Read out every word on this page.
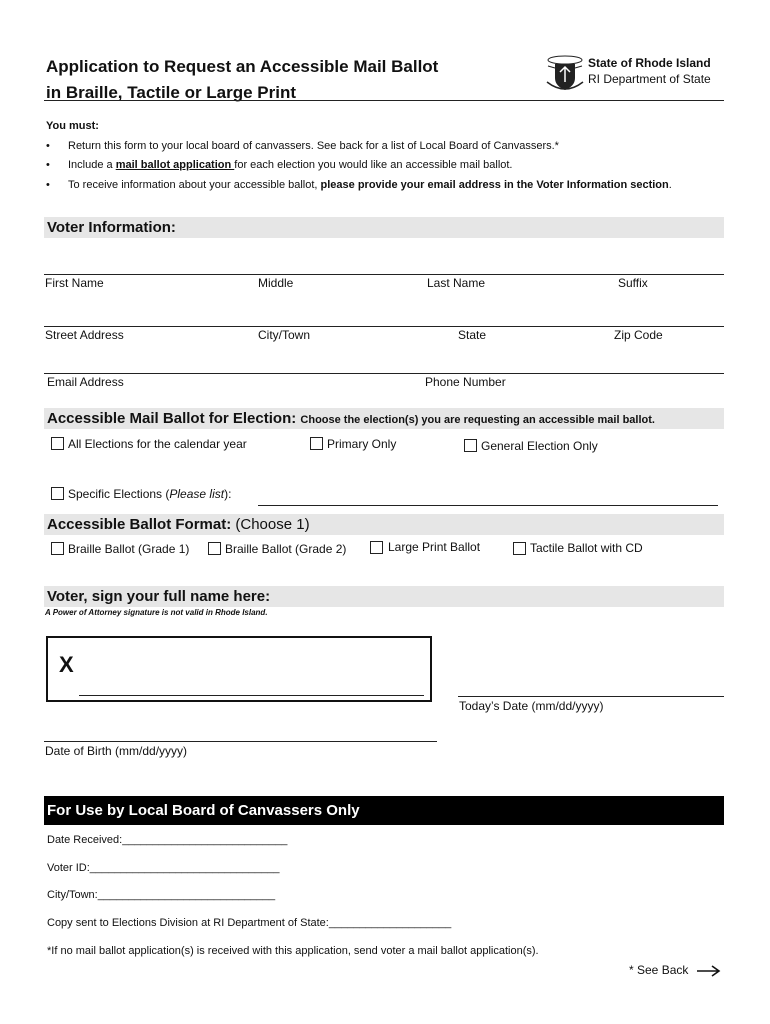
Application to Request an Accessible Mail Ballot
in Braille, Tactile or Large Print
State of Rhode Island
RI Department of State
You must:
• Return this form to your local board of canvassers. See back for a list of Local Board of Canvassers.*
• Include a mail ballot application for each election you would like an accessible mail ballot.
• To receive information about your accessible ballot, please provide your email address in the Voter Information section.
Voter Information:
First Name	Middle	Last Name	Suffix
Street Address	City/Town	State	Zip Code
Email Address	Phone Number
Accessible Mail Ballot for Election: Choose the election(s) you are requesting an accessible mail ballot.
All Elections for the calendar year	Primary Only	General Election Only
Specific Elections (Please list):
Accessible Ballot Format: (Choose 1)
Braille Ballot (Grade 1)	Braille Ballot (Grade 2)	Large Print Ballot	Tactile Ballot with CD
Voter, sign your full name here:
A Power of Attorney signature is not valid in Rhode Island.
X
Today’s Date (mm/dd/yyyy)
Date of Birth (mm/dd/yyyy)
For Use by Local Board of Canvassers Only
Date Received:___________________________
Voter ID:_______________________________
City/Town:_____________________________
Copy sent to Elections Division at RI Department of State:____________________
*If no mail ballot application(s) is received with this application, send voter a mail ballot application(s).
* See Back
